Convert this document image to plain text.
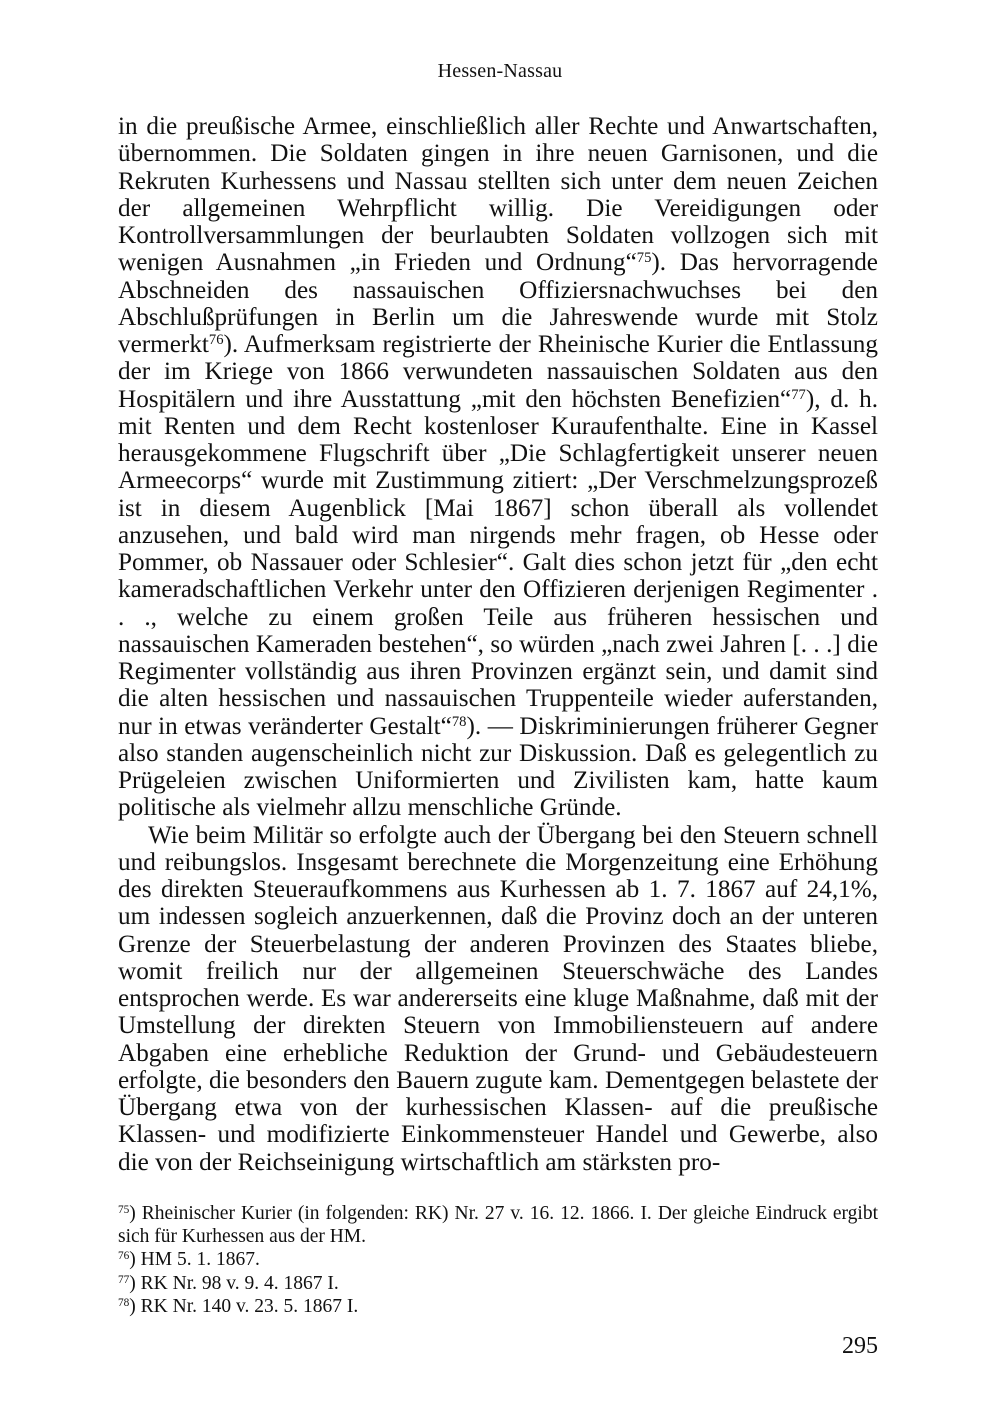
Hessen-Nassau

in die preußische Armee, einschließlich aller Rechte und Anwartschaften, übernommen. Die Soldaten gingen in ihre neuen Garnisonen, und die Rekruten Kurhessens und Nassau stellten sich unter dem neuen Zeichen der allgemeinen Wehrpflicht willig. Die Vereidigungen oder Kontrollversammlungen der beurlaubten Soldaten vollzogen sich mit wenigen Ausnahmen „in Frieden und Ordnung“$^{75}$). Das hervorragende Abschneiden des nassauischen Offiziersnachwuchses bei den Abschlußprüfungen in Berlin um die Jahreswende wurde mit Stolz vermerkt$^{76}$). Aufmerksam registrierte der Rheinische Kurier die Entlassung der im Kriege von 1866 verwundeten nassauischen Soldaten aus den Hospitälern und ihre Ausstattung „mit den höchsten Benefizien“$^{77}$), d. h. mit Renten und dem Recht kostenloser Kuraufenthalte. Eine in Kassel herausgekommene Flugschrift über „Die Schlagfertigkeit unserer neuen Armeecorps“ wurde mit Zustimmung zitiert: „Der Verschmelzungsprozeß ist in diesem Augenblick [Mai 1867] schon überall als vollendet anzusehen, und bald wird man nirgends mehr fragen, ob Hesse oder Pommer, ob Nassauer oder Schlesier“. Galt dies schon jetzt für „den echt kameradschaftlichen Verkehr unter den Offizieren derjenigen Regimenter . . ., welche zu einem großen Teile aus früheren hessischen und nassauischen Kameraden bestehen“, so würden „nach zwei Jahren [. . .] die Regimenter vollständig aus ihren Provinzen ergänzt sein, und damit sind die alten hessischen und nassauischen Truppenteile wieder auferstanden, nur in etwas veränderter Gestalt“$^{78}$). — Diskriminierungen früherer Gegner also standen augenscheinlich nicht zur Diskussion. Daß es gelegentlich zu Prügeleien zwischen Uniformierten und Zivilisten kam, hatte kaum politische als vielmehr allzu menschliche Gründe.

Wie beim Militär so erfolgte auch der Übergang bei den Steuern schnell und reibungslos. Insgesamt berechnete die Morgenzeitung eine Erhöhung des direkten Steueraufkommens aus Kurhessen ab 1. 7. 1867 auf 24,1%, um indessen sogleich anzuerkennen, daß die Provinz doch an der unteren Grenze der Steuerbelastung der anderen Provinzen des Staates bliebe, womit freilich nur der allgemeinen Steuerschwäche des Landes entsprochen werde. Es war andererseits eine kluge Maßnahme, daß mit der Umstellung der direkten Steuern von Immobiliensteuern auf andere Abgaben eine erhebliche Reduktion der Grund- und Gebäudesteuern erfolgte, die besonders den Bauern zugute kam. Dementgegen belastete der Übergang etwa von der kurhessischen Klassen- auf die preußische Klassen- und modifizierte Einkommensteuer Handel und Gewerbe, also die von der Reichseinigung wirtschaftlich am stärksten pro-

$^{75}$) Rheinischer Kurier (in folgenden: RK) Nr. 27 v. 16. 12. 1866. I. Der gleiche Eindruck ergibt sich für Kurhessen aus der HM.
$^{76}$) HM 5. 1. 1867.
$^{77}$) RK Nr. 98 v. 9. 4. 1867 I.
$^{78}$) RK Nr. 140 v. 23. 5. 1867 I.
295
